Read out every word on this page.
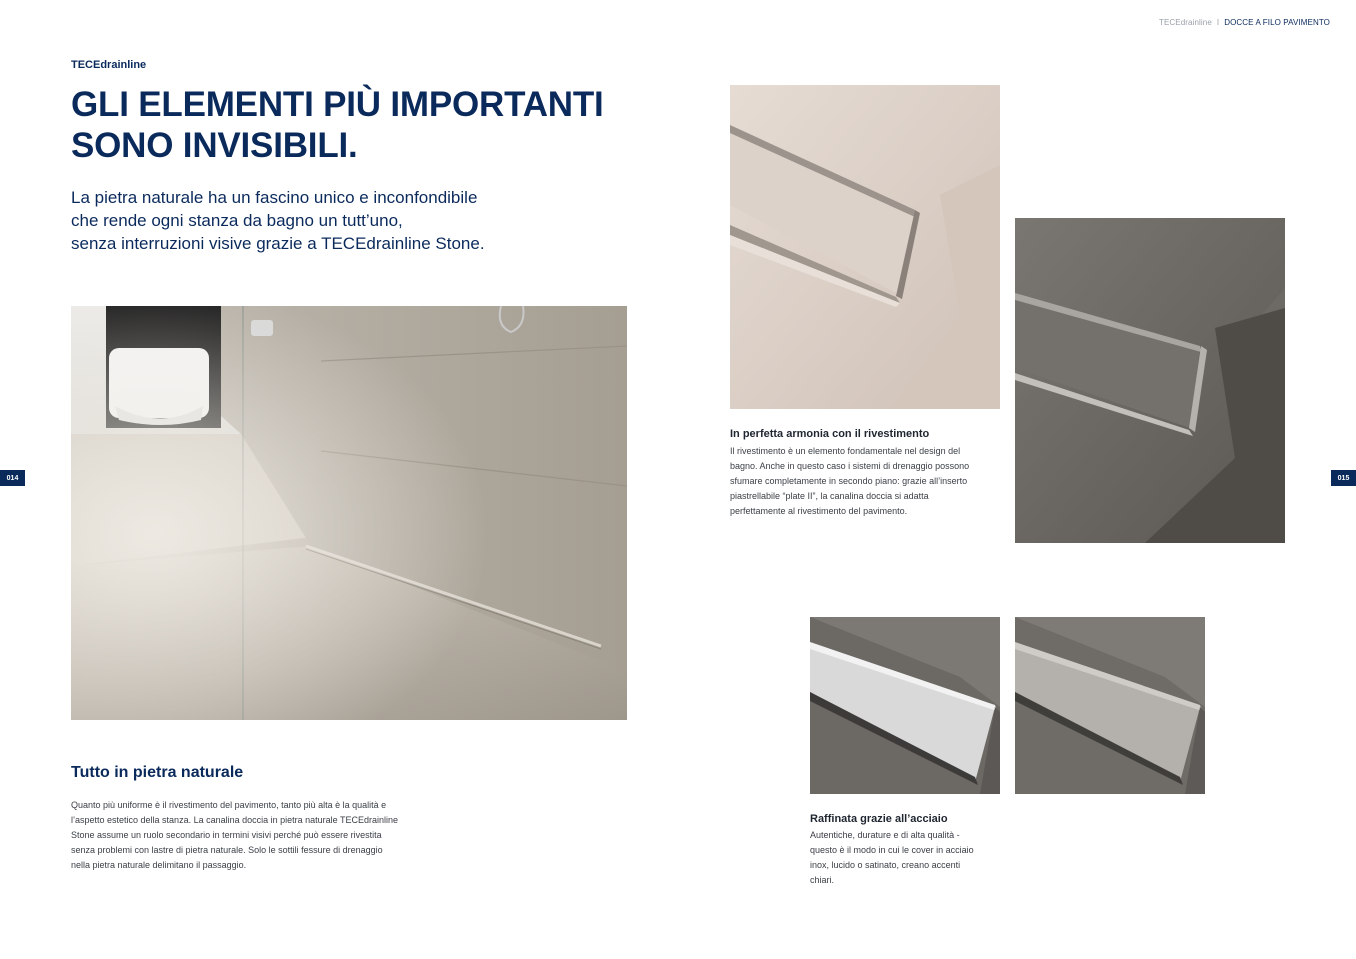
TECEdrainline I DOCCE A FILO PAVIMENTO
TECEdrainline
GLI ELEMENTI PIÙ IMPORTANTI
SONO INVISIBILI.

La pietra naturale ha un fascino unico e inconfondibile
che rende ogni stanza da bagno un tutt’uno,
senza interruzioni visive grazie a TECEdrainline Stone.

014
Tutto in pietra naturale
Quanto più uniforme è il rivestimento del pavimento, tanto più alta è la qualità e
l’aspetto estetico della stanza. La canalina doccia in pietra naturale TECEdrainline
Stone assume un ruolo secondario in termini visivi perché può essere rivestita
senza problemi con lastre di pietra naturale. Solo le sottili fessure di drenaggio
nella pietra naturale delimitano il passaggio.
In perfetta armonia con il rivestimento
Il rivestimento è un elemento fondamentale nel design del
bagno. Anche in questo caso i sistemi di drenaggio possono
sfumare completamente in secondo piano: grazie all’inserto
piastrellabile “plate II”, la canalina doccia si adatta
perfettamente al rivestimento del pavimento.
Raffinata grazie all’acciaio
Autentiche, durature e di alta qualità -
questo è il modo in cui le cover in acciaio
inox, lucido o satinato, creano accenti
chiari.
015
